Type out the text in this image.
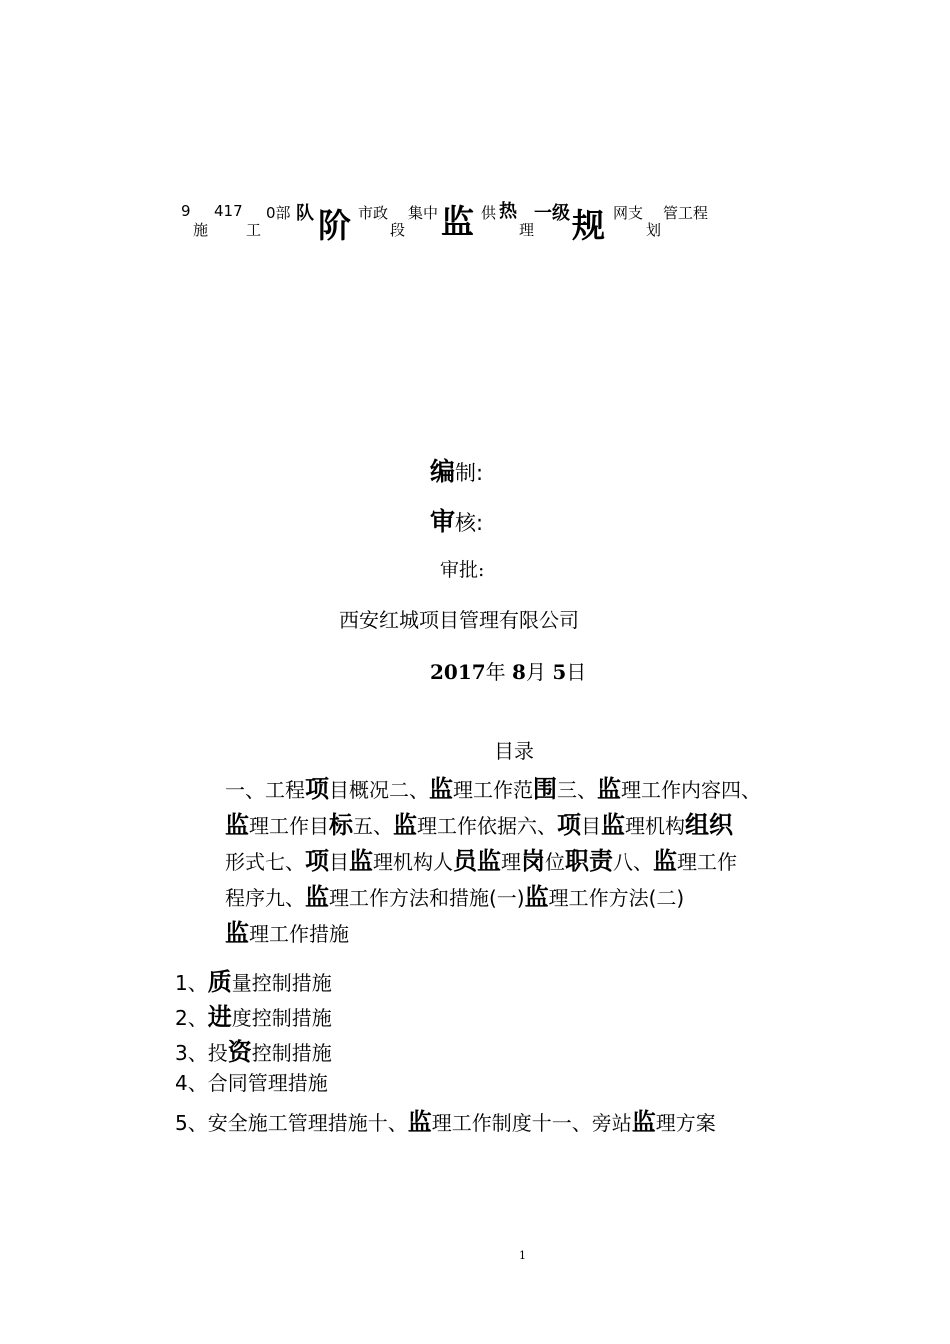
9
施
417
工
0部 队 阶 市政
段
集中 监 供 热
理
一级 规 网支
划
管工程
编制:
审核:
审批:
西安红城项目管理有限公司
2017年 8月 5日
目录
一、工程项目概况二、监理工作范围三、监理工作内容四、
监理工作目标五、监理工作依据六、项目监理机构组织
形式七、项目监理机构人员监理岗位职责八、监理工作
程序九、监理工作方法和措施(一)监理工作方法(二)
监理工作措施
1、质量控制措施
2、进度控制措施
3、投资控制措施
4、合同管理措施
5、安全施工管理措施十、监理工作制度十一、旁站监理方案
1
